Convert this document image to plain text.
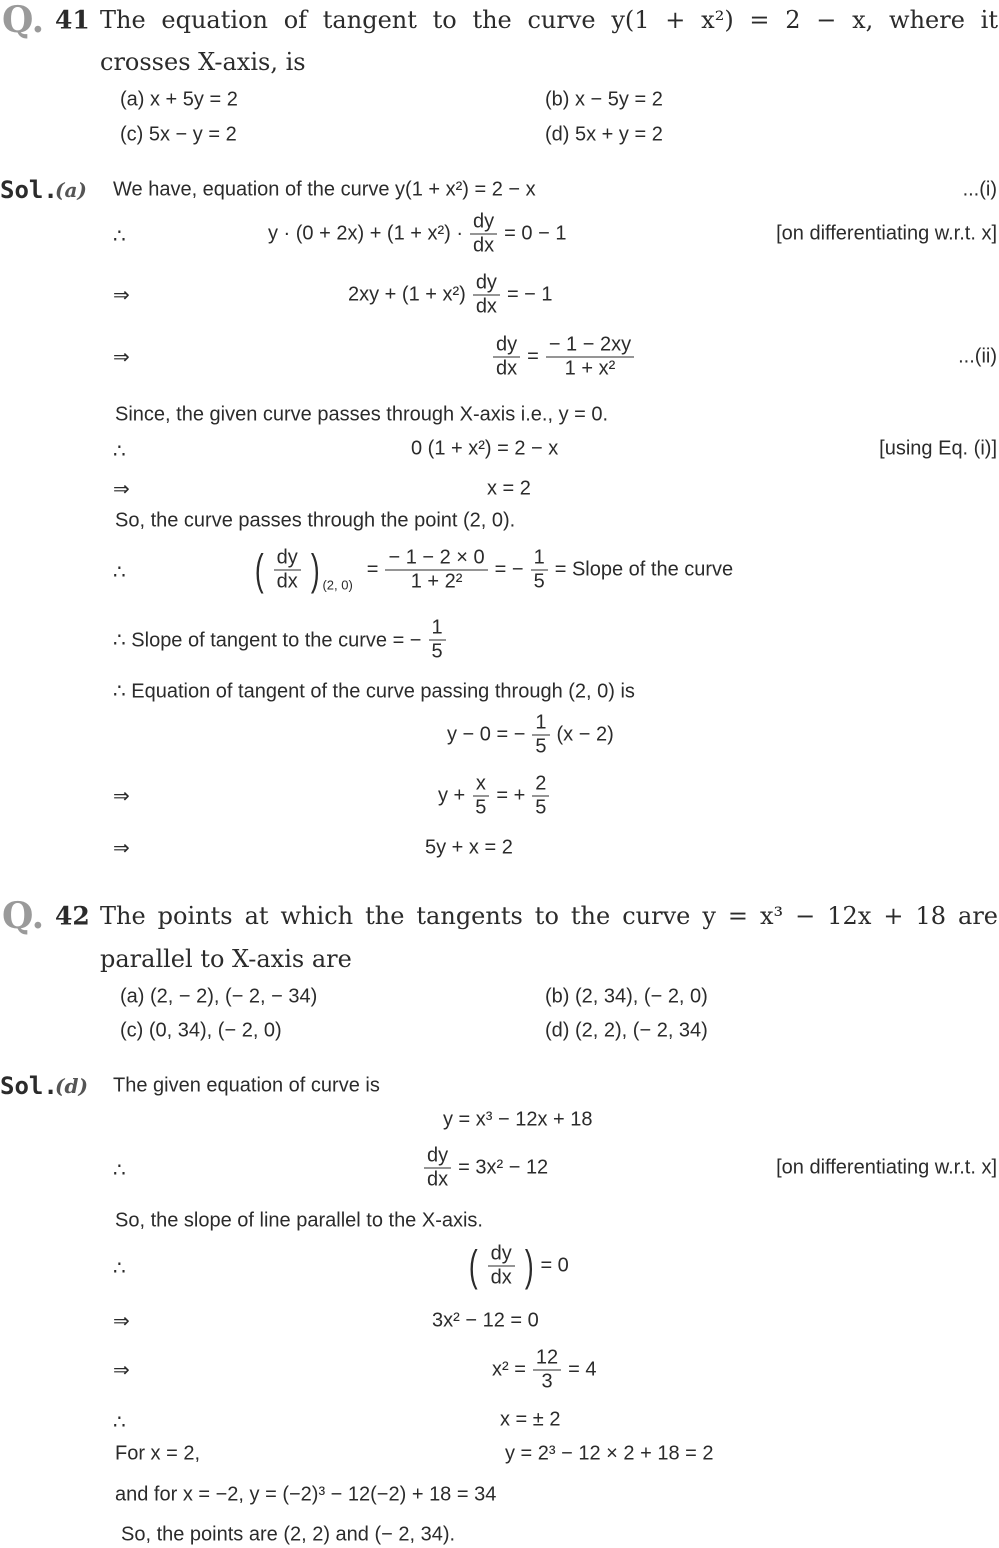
Q. 41 The equation of tangent to the curve y(1 + x²) = 2 − x, where it
crosses X-axis, is
(a) x + 5y = 2	(b) x − 5y = 2
(c) 5x − y = 2	(d) 5x + y = 2
Sol.
(a) We have, equation of the curve y(1 + x²) = 2 − x	...(i)
∴	$y \cdot (0 + 2x) + (1 + x^2) \cdot \frac{dy}{dx} = 0 - 1$	[on differentiating w.r.t. x]
⇒	$2xy + (1 + x^2) \frac{dy}{dx}$ = − 1
⇒	$\frac{dy}{dx} = \frac{- 1 - 2xy}{\text{1 + x²}}$	...(ii)
Since, the given curve passes through X-axis i.e., y = 0.
∴	0 (1 + x²) = 2 − x	[using Eq. (i)]
⇒	x = 2
So, the curve passes through the point (2, 0).
∴	( $\frac{dy}{dx}$ ) (2, 0)
= $\frac{- 1 - 2 \times 0}{\text{1 + 2²}}$ = − $\frac{1}{5}$ = Slope of the curve
∴ Slope of tangent to the curve = − $\frac{1}{5}$
∴ Equation of tangent of the curve passing through (2, 0) is
y − 0 = − $\frac{1}{5} (x - 2)$
⇒	$y + \frac{x}{5}$ = + $\frac{2}{5}$
⇒	5y + x = 2
Q. 42 The points at which the tangents to the curve y = x³ − 12x + 18 are
parallel to X-axis are
(a) (2, − 2), (− 2, − 34)	(b) (2, 34), (− 2, 0)
(c) (0, 34), (− 2, 0)	(d) (2, 2), (− 2, 34)
Sol.
(d) The given equation of curve is
y = x³ − 12x + 18
∴	$\frac{dy}{dx} = 3x^2 - 12$	[on differentiating w.r.t. x]
So, the slope of line parallel to the X-axis.
∴	( $\frac{dy}{dx}$ ) = 0
⇒	3x² − 12 = 0
⇒	$x^2 = \frac{12}{3} = 4$
∴	x = ± 2
For x = 2,	y = 2³ − 12 × 2 + 18 = 2
and for x = −2, y = (−2)³ − 12(−2) + 18 = 34
So, the points are (2, 2) and (− 2, 34).
